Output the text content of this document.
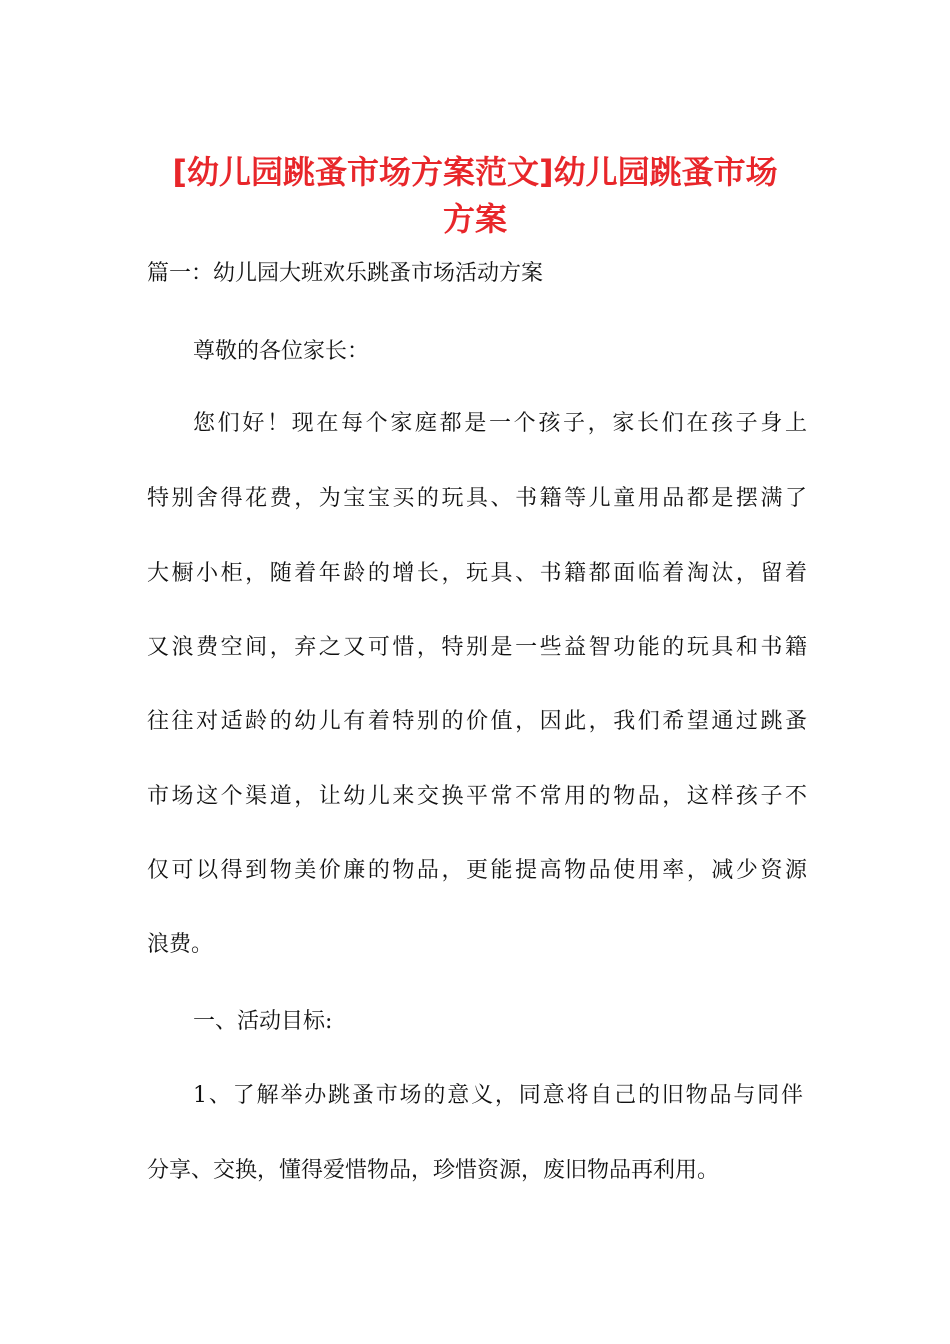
[幼儿园跳蚤市场方案范文]幼儿园跳蚤市场
方案

篇一：幼儿园大班欢乐跳蚤市场活动方案

尊敬的各位家长：

您们好！现在每个家庭都是一个孩子，家长们在孩子身上

特别舍得花费，为宝宝买的玩具、书籍等儿童用品都是摆满了

大橱小柜，随着年龄的增长，玩具、书籍都面临着淘汰，留着

又浪费空间，弃之又可惜，特别是一些益智功能的玩具和书籍

往往对适龄的幼儿有着特别的价值，因此，我们希望通过跳蚤

市场这个渠道，让幼儿来交换平常不常用的物品，这样孩子不

仅可以得到物美价廉的物品，更能提高物品使用率，减少资源

浪费。

一、活动目标:

1、了解举办跳蚤市场的意义，同意将自己的旧物品与同伴

分享、交换，懂得爱惜物品，珍惜资源，废旧物品再利用。
